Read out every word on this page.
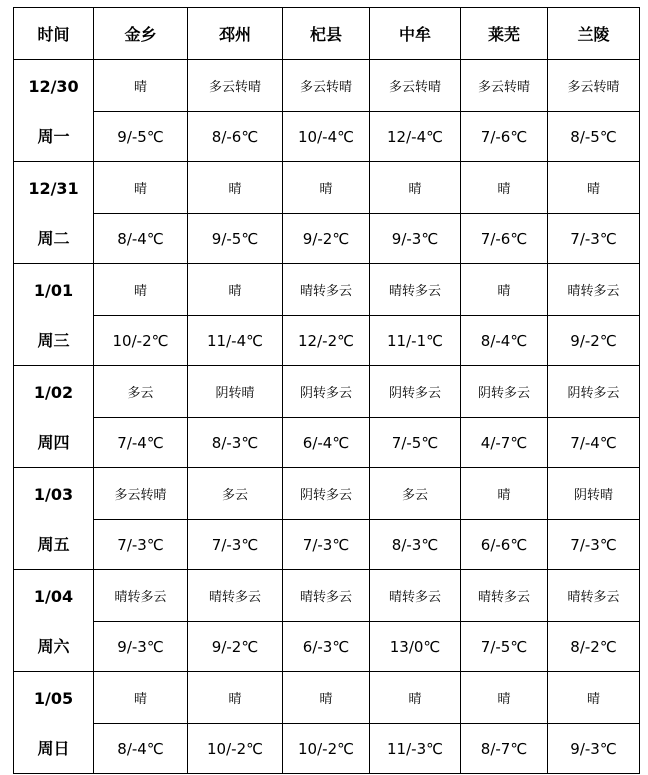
时间	金乡	邳州	杞县	中牟	莱芜	兰陵

12/30
周一	晴	多云转晴	多云转晴	多云转晴	多云转晴	多云转晴
	9/-5℃	8/-6℃	10/-4℃	12/-4℃	7/-6℃	8/-5℃

12/31
周二	晴	晴	晴	晴	晴	晴
	8/-4℃	9/-5℃	9/-2℃	9/-3℃	7/-6℃	7/-3℃

1/01
周三	晴	晴	晴转多云	晴转多云	晴	晴转多云
	10/-2℃	11/-4℃	12/-2℃	11/-1℃	8/-4℃	9/-2℃

1/02
周四	多云	阴转晴	阴转多云	阴转多云	阴转多云	阴转多云
	7/-4℃	8/-3℃	6/-4℃	7/-5℃	4/-7℃	7/-4℃

1/03
周五	多云转晴	多云	阴转多云	多云	晴	阴转晴
	7/-3℃	7/-3℃	7/-3℃	8/-3℃	6/-6℃	7/-3℃

1/04
周六	晴转多云	晴转多云	晴转多云	晴转多云	晴转多云	晴转多云
	9/-3℃	9/-2℃	6/-3℃	13/0℃	7/-5℃	8/-2℃

1/05
周日	晴	晴	晴	晴	晴	晴
	8/-4℃	10/-2℃	10/-2℃	11/-3℃	8/-7℃	9/-3℃
